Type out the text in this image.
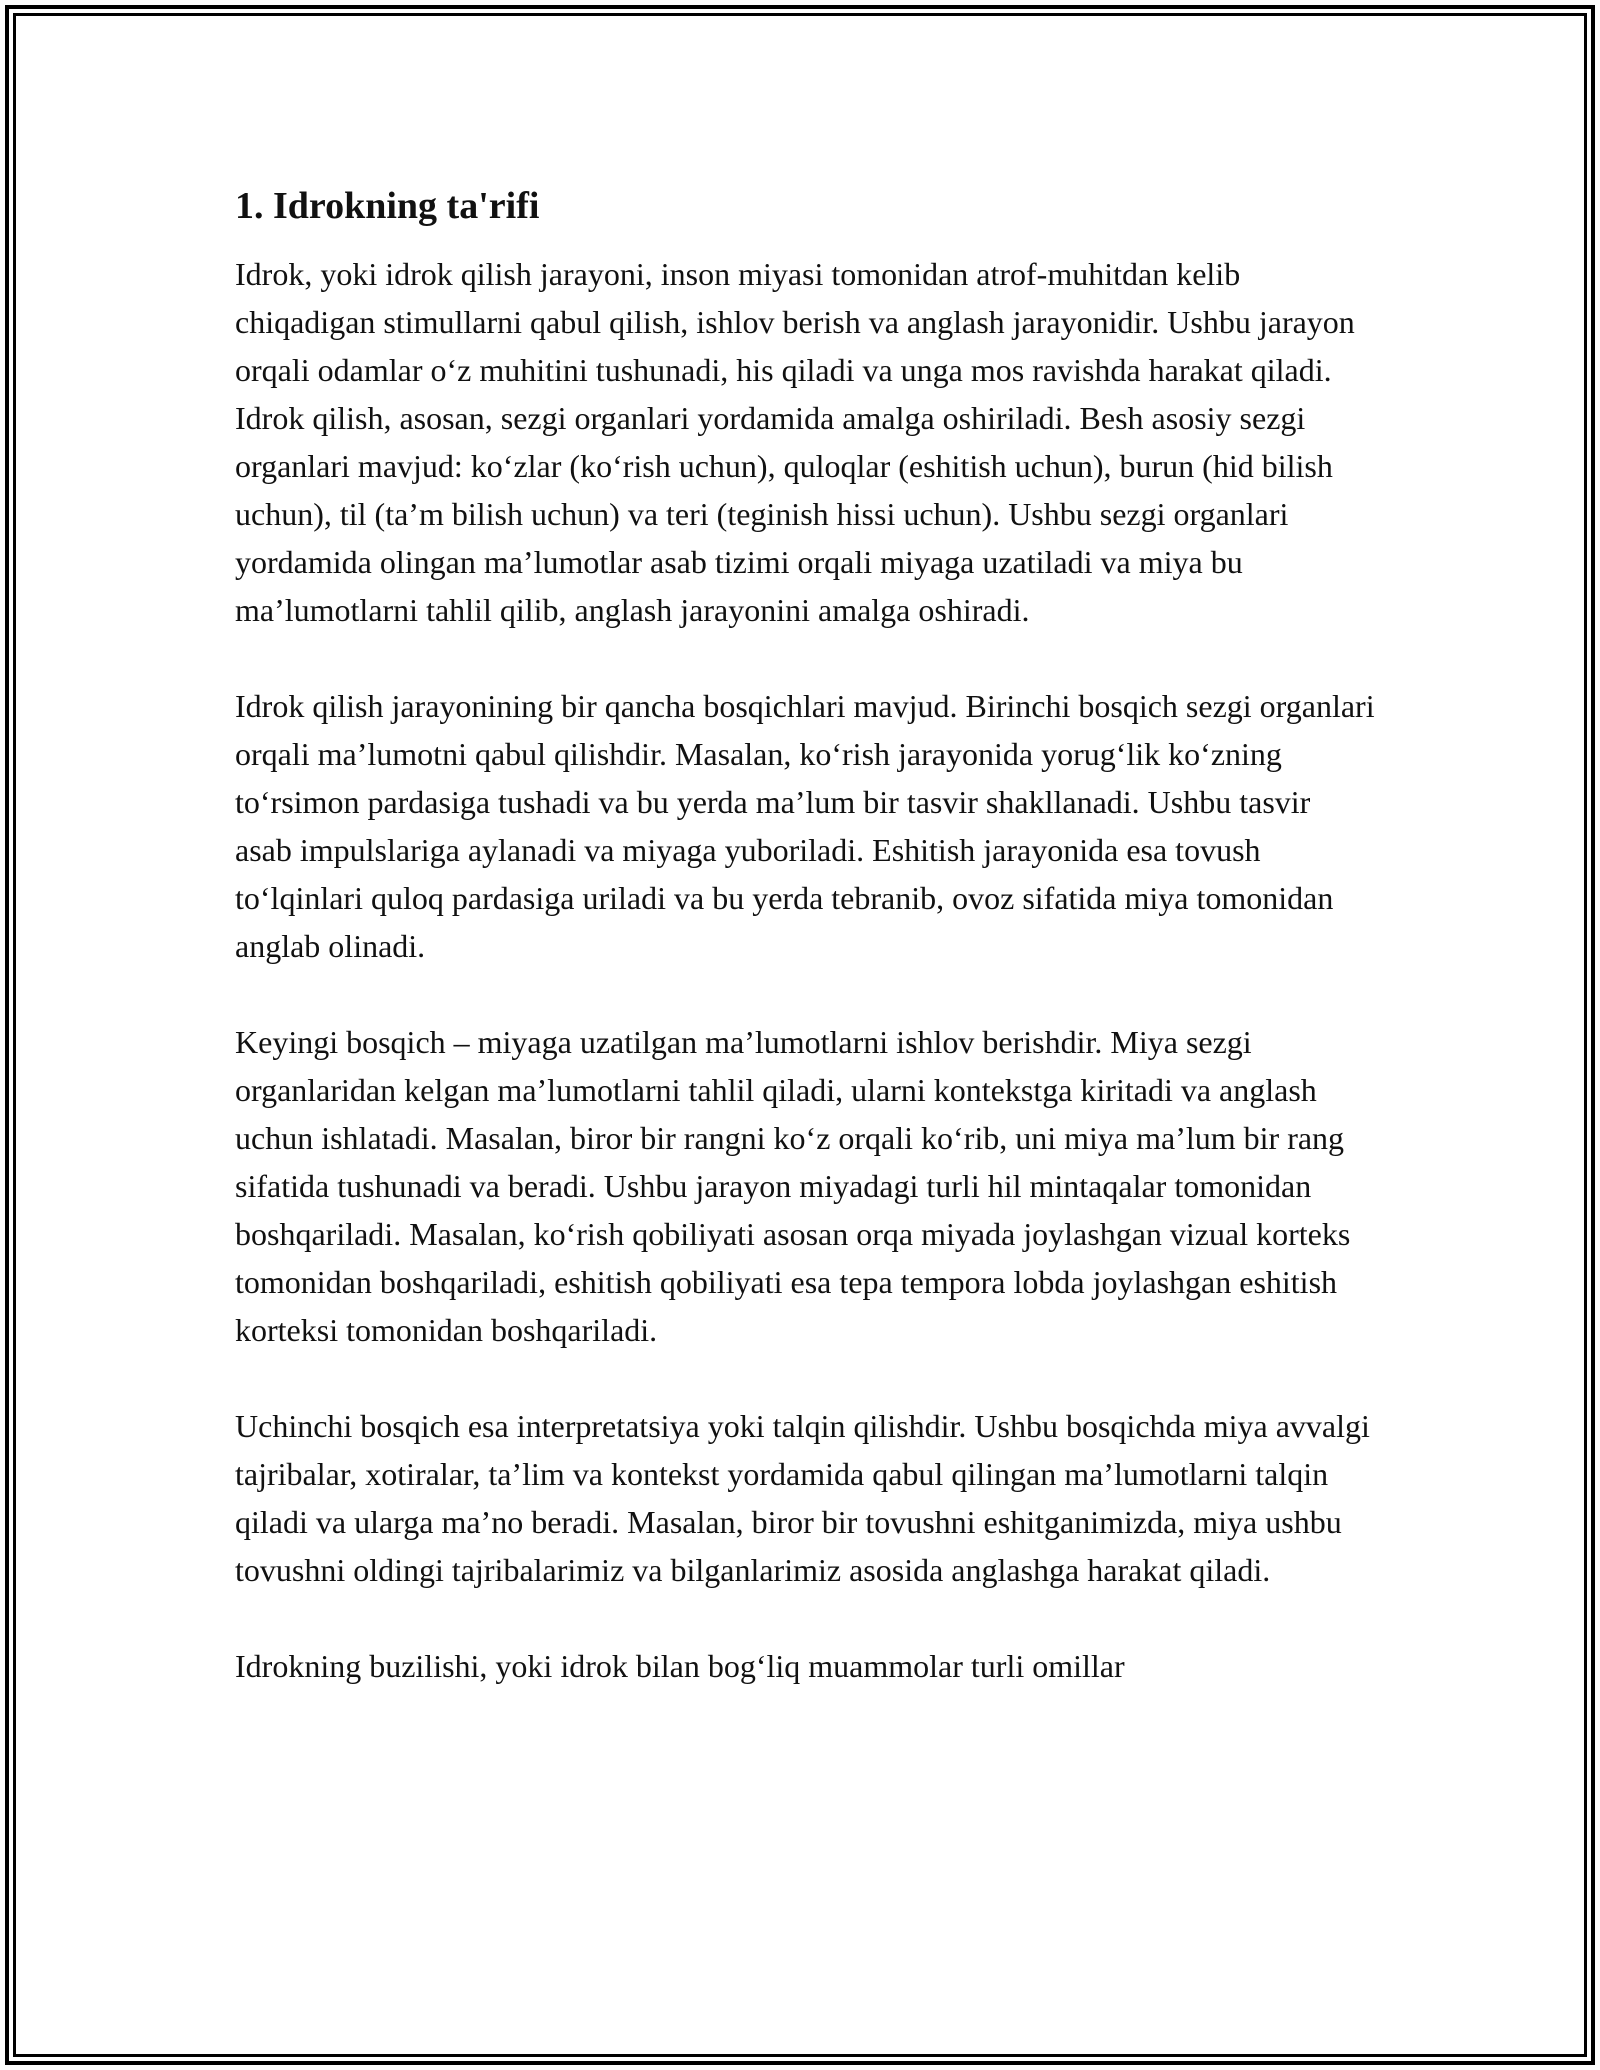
1. Idrokning ta'rifi

Idrok, yoki idrok qilish jarayoni, inson miyasi tomonidan atrof-muhitdan kelib chiqadigan stimullarni qabul qilish, ishlov berish va anglash jarayonidir. Ushbu jarayon orqali odamlar oʻz muhitini tushunadi, his qiladi va unga mos ravishda harakat qiladi. Idrok qilish, asosan, sezgi organlari yordamida amalga oshiriladi. Besh asosiy sezgi organlari mavjud: koʻzlar (koʻrish uchun), quloqlar (eshitish uchun), burun (hid bilish uchun), til (taʼm bilish uchun) va teri (teginish hissi uchun). Ushbu sezgi organlari yordamida olingan maʼlumotlar asab tizimi orqali miyaga uzatiladi va miya bu maʼlumotlarni tahlil qilib, anglash jarayonini amalga oshiradi.

Idrok qilish jarayonining bir qancha bosqichlari mavjud. Birinchi bosqich sezgi organlari orqali maʼlumotni qabul qilishdir. Masalan, koʻrish jarayonida yorugʻlik koʻzning toʻrsimon pardasiga tushadi va bu yerda maʼlum bir tasvir shakllanadi. Ushbu tasvir asab impulslariga aylanadi va miyaga yuboriladi. Eshitish jarayonida esa tovush toʻlqinlari quloq pardasiga uriladi va bu yerda tebranib, ovoz sifatida miya tomonidan anglab olinadi.

Keyingi bosqich – miyaga uzatilgan maʼlumotlarni ishlov berishdir. Miya sezgi organlaridan kelgan maʼlumotlarni tahlil qiladi, ularni kontekstga kiritadi va anglash uchun ishlatadi. Masalan, biror bir rangni koʻz orqali koʻrib, uni miya maʼlum bir rang sifatida tushunadi va beradi. Ushbu jarayon miyadagi turli hil mintaqalar tomonidan boshqariladi. Masalan, koʻrish qobiliyati asosan orqa miyada joylashgan vizual korteks tomonidan boshqariladi, eshitish qobiliyati esa tepa tempora lobda joylashgan eshitish korteksi tomonidan boshqariladi.

Uchinchi bosqich esa interpretatsiya yoki talqin qilishdir. Ushbu bosqichda miya avvalgi tajribalar, xotiralar, taʼlim va kontekst yordamida qabul qilingan maʼlumotlarni talqin qiladi va ularga maʼno beradi. Masalan, biror bir tovushni eshitganimizda, miya ushbu tovushni oldingi tajribalarimiz va bilganlarimiz asosida anglashga harakat qiladi.

Idrokning buzilishi, yoki idrok bilan bogʻliq muammolar turli omillar
